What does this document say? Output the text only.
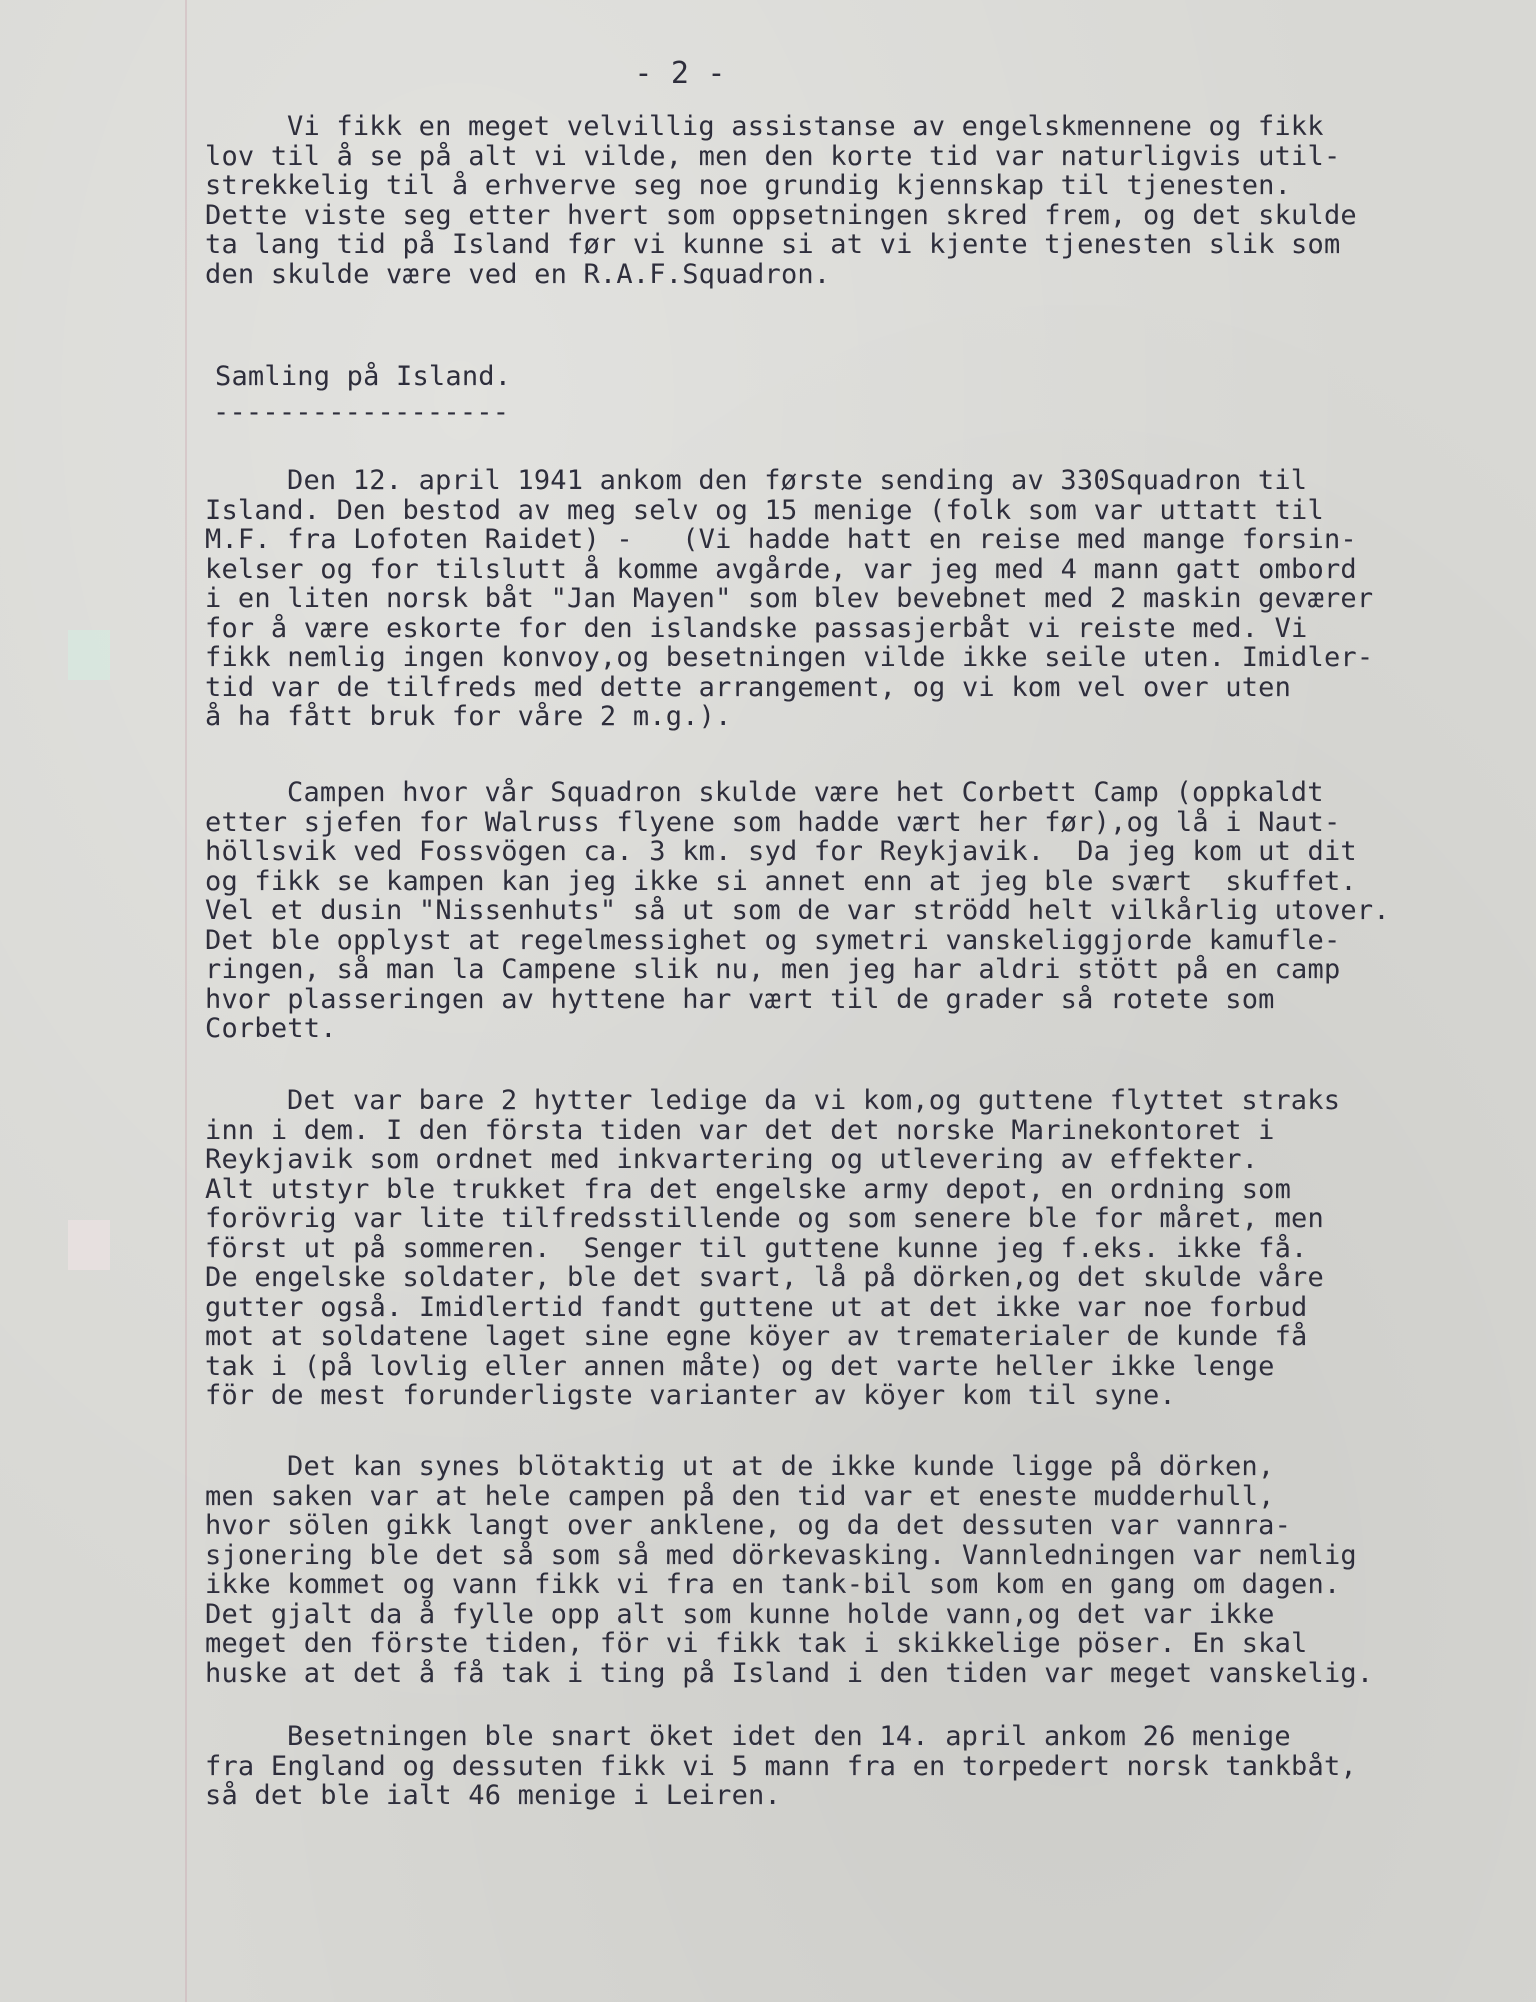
- 2 -
Vi fikk en meget velvillig assistanse av engelskmennene og fikk
lov til å se på alt vi vilde, men den korte tid var naturligvis util-
strekkelig til å erhverve seg noe grundig kjennskap til tjenesten.
Dette viste seg etter hvert som oppsetningen skred frem, og det skulde
ta lang tid på Island før vi kunne si at vi kjente tjenesten slik som
den skulde være ved en R.A.F.Squadron.
Samling på Island.
------------------
Den 12. april 1941 ankom den første sending av 330Squadron til
Island. Den bestod av meg selv og 15 menige (folk som var uttatt til
M.F. fra Lofoten Raidet) -   (Vi hadde hatt en reise med mange forsin-
kelser og for tilslutt å komme avgårde, var jeg med 4 mann gatt ombord
i en liten norsk båt "Jan Mayen" som blev bevebnet med 2 maskin geværer
for å være eskorte for den islandske passasjerbåt vi reiste med. Vi
fikk nemlig ingen konvoy,og besetningen vilde ikke seile uten. Imidler-
tid var de tilfreds med dette arrangement, og vi kom vel over uten
å ha fått bruk for våre 2 m.g.).
Campen hvor vår Squadron skulde være het Corbett Camp (oppkaldt
etter sjefen for Walruss flyene som hadde vært her før),og lå i Naut-
höllsvik ved Fossvögen ca. 3 km. syd for Reykjavik.  Da jeg kom ut dit
og fikk se kampen kan jeg ikke si annet enn at jeg ble svært  skuffet.
Vel et dusin "Nissenhuts" så ut som de var strödd helt vilkårlig utover.
Det ble opplyst at regelmessighet og symetri vanskeliggjorde kamufle-
ringen, så man la Campene slik nu, men jeg har aldri stött på en camp
hvor plasseringen av hyttene har vært til de grader så rotete som
Corbett.
Det var bare 2 hytter ledige da vi kom,og guttene flyttet straks
inn i dem. I den första tiden var det det norske Marinekontoret i
Reykjavik som ordnet med inkvartering og utlevering av effekter.
Alt utstyr ble trukket fra det engelske army depot, en ordning som
forövrig var lite tilfredsstillende og som senere ble for måret, men
först ut på sommeren.  Senger til guttene kunne jeg f.eks. ikke få.
De engelske soldater, ble det svart, lå på dörken,og det skulde våre
gutter også. Imidlertid fandt guttene ut at det ikke var noe forbud
mot at soldatene laget sine egne köyer av trematerialer de kunde få
tak i (på lovlig eller annen måte) og det varte heller ikke lenge
för de mest forunderligste varianter av köyer kom til syne.
Det kan synes blötaktig ut at de ikke kunde ligge på dörken,
men saken var at hele campen på den tid var et eneste mudderhull,
hvor sölen gikk langt over anklene, og da det dessuten var vannra-
sjonering ble det så som så med dörkevasking. Vannledningen var nemlig
ikke kommet og vann fikk vi fra en tank-bil som kom en gang om dagen.
Det gjalt da å fylle opp alt som kunne holde vann,og det var ikke
meget den förste tiden, för vi fikk tak i skikkelige pöser. En skal
huske at det å få tak i ting på Island i den tiden var meget vanskelig.
Besetningen ble snart öket idet den 14. april ankom 26 menige
fra England og dessuten fikk vi 5 mann fra en torpedert norsk tankbåt,
så det ble ialt 46 menige i Leiren.
